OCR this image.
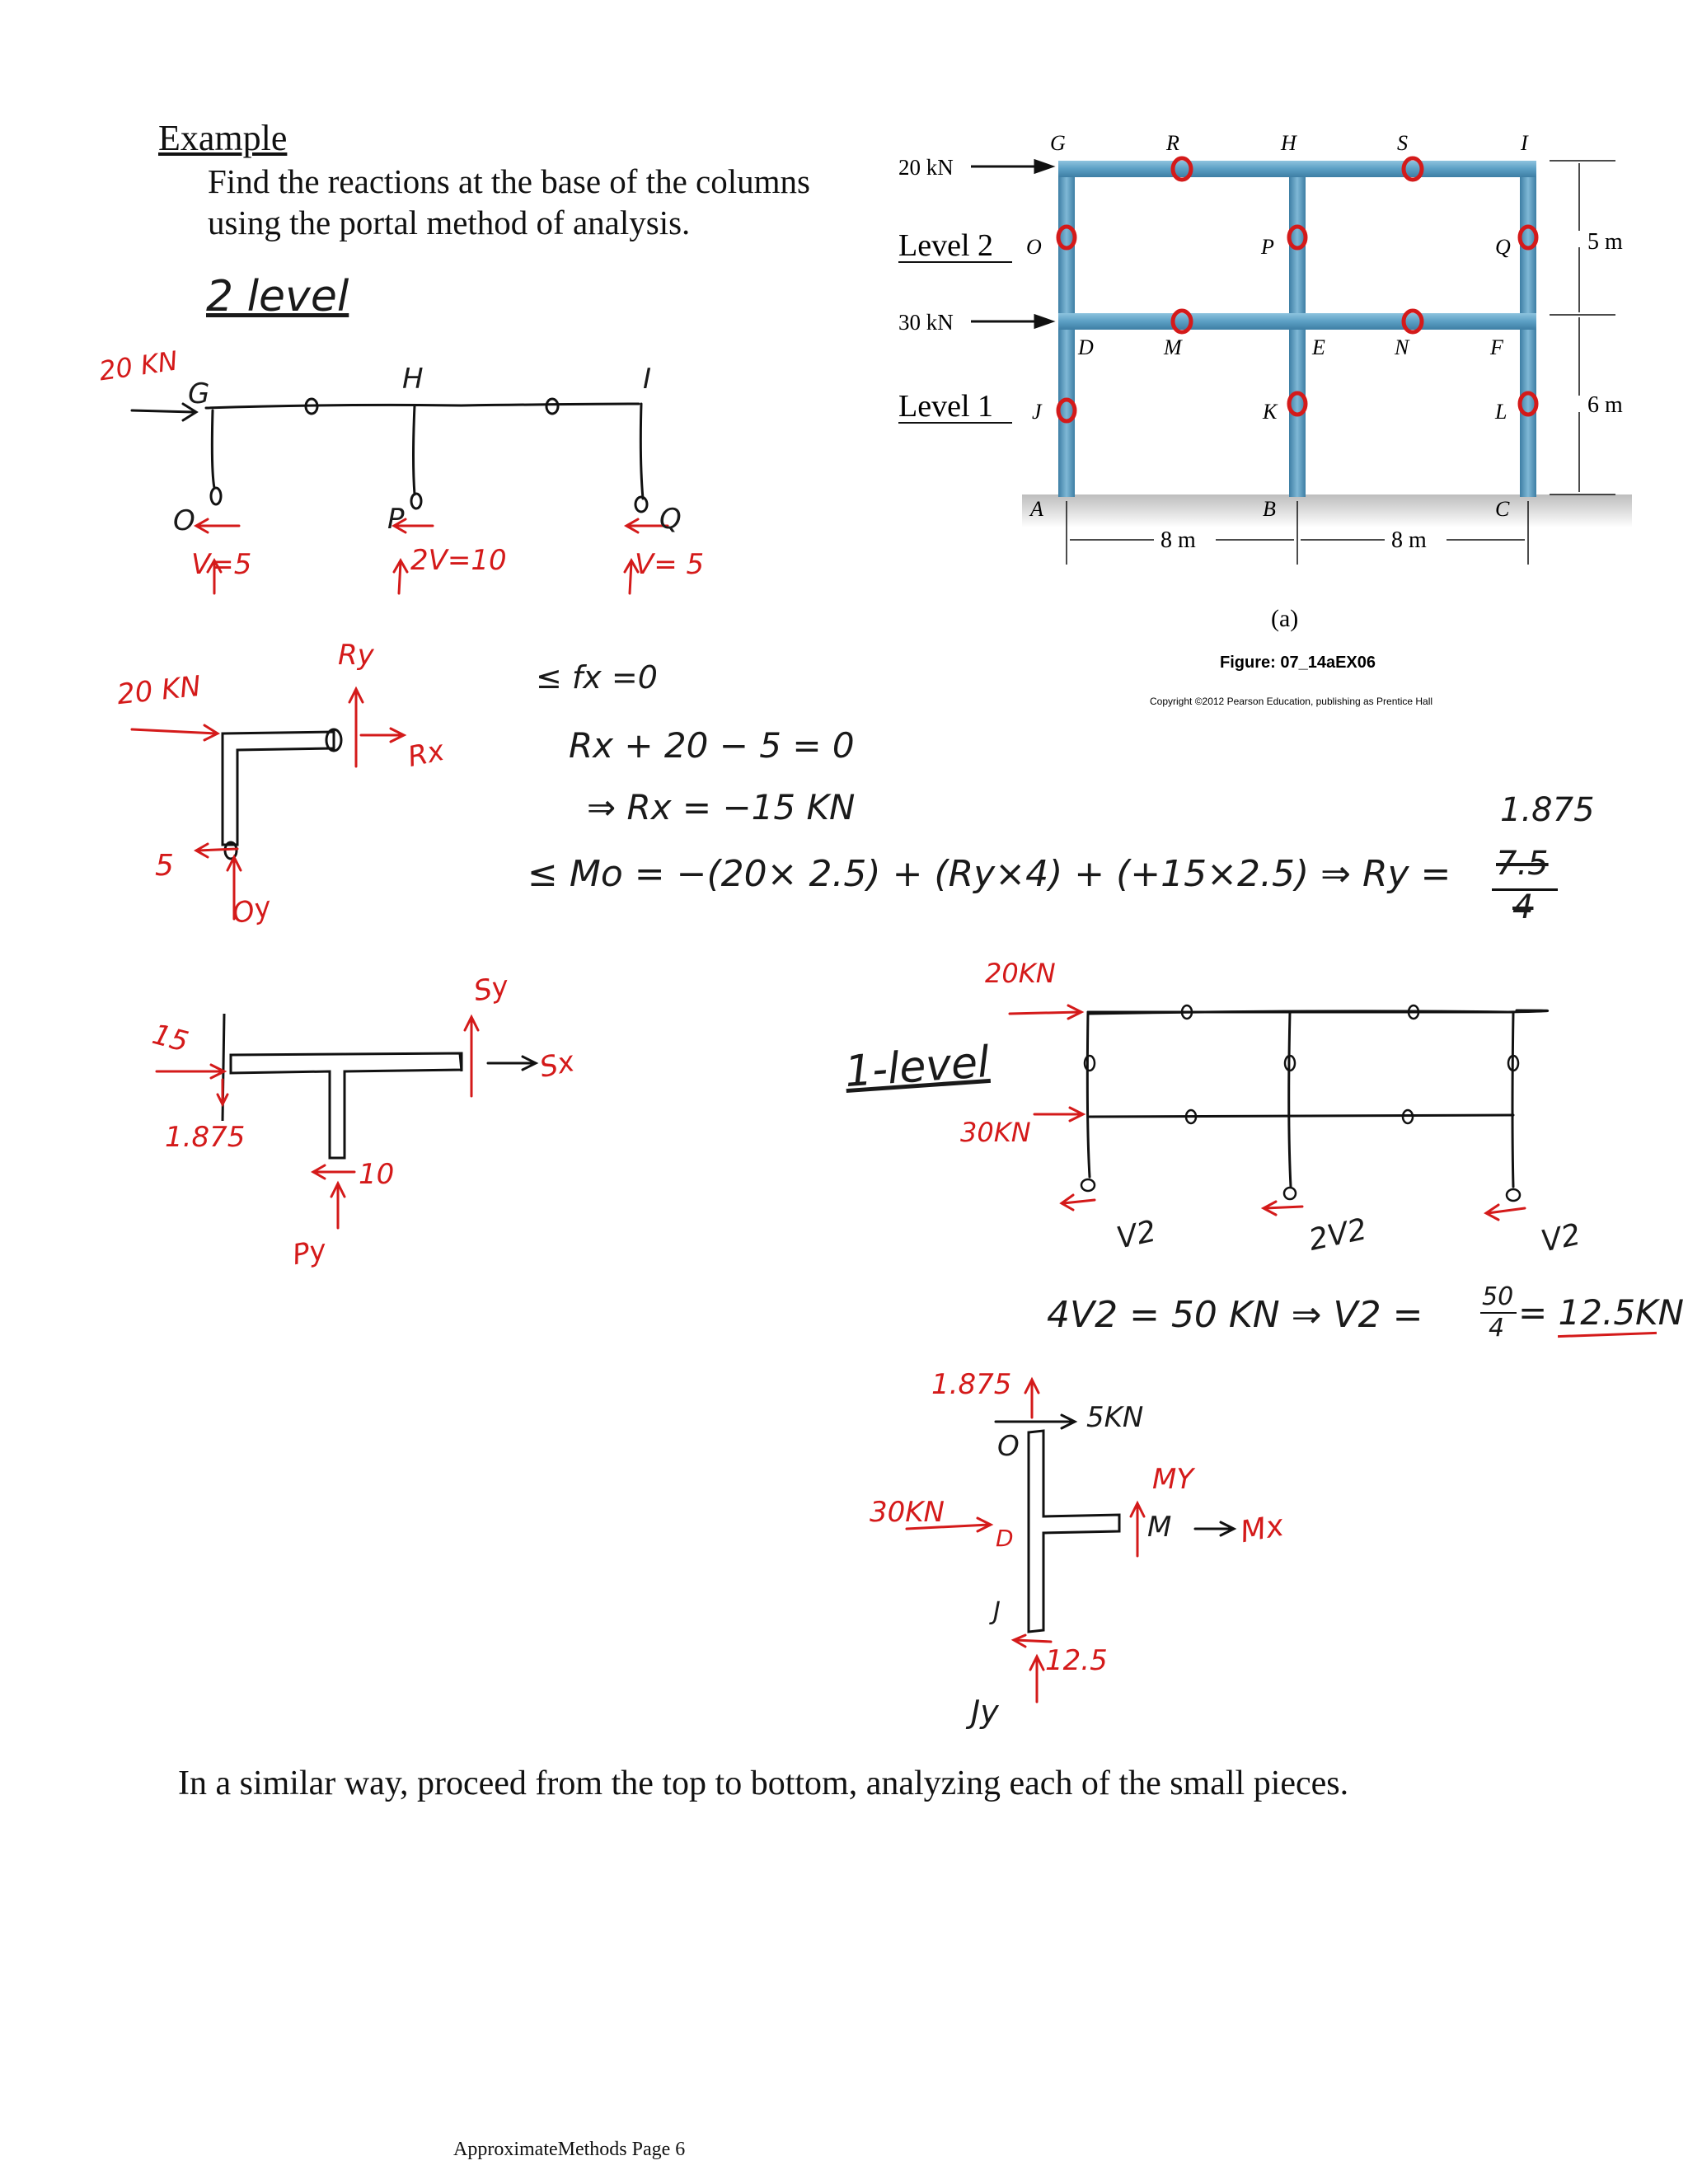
Example
Find the reactions at the base of the columns
using the portal method of analysis.
20 kN
30 kN
Level 2
Level 1
G	R	H	S	I
O	P	Q
D	M	E	N	F
J	K	L
A	B	C
5 m
6 m
8 m	8 m
(a)
Figure: 07_14aEX06
Copyright ©2012 Pearson Education, publishing as Prentice Hall
2 level
20 KN
G	H	I
O	P	Q
V=5	2V=10	V= 5
20 KN
5
Oy
Ry
Rx
≤ fx =0
Rx + 20 − 5 = 0
⇒ Rx = −15 KN
≤ Mo = −(20× 2.5) + (Ry×4) + (+15×2.5) ⇒ Ry =
1.875
7.5
4
15
1.875
10
Py
Sy
Sx	1-level
20KN
30KN
V2	2V2	V2
4V2 = 50 KN ⇒ V2 = 50
4 = 12.5KN
1.875
5KN
O
30KN
D
MY
M Mx
J
12.5
Jy
In a similar way, proceed from the top to bottom, analyzing each of the small pieces.
ApproximateMethods Page 6
